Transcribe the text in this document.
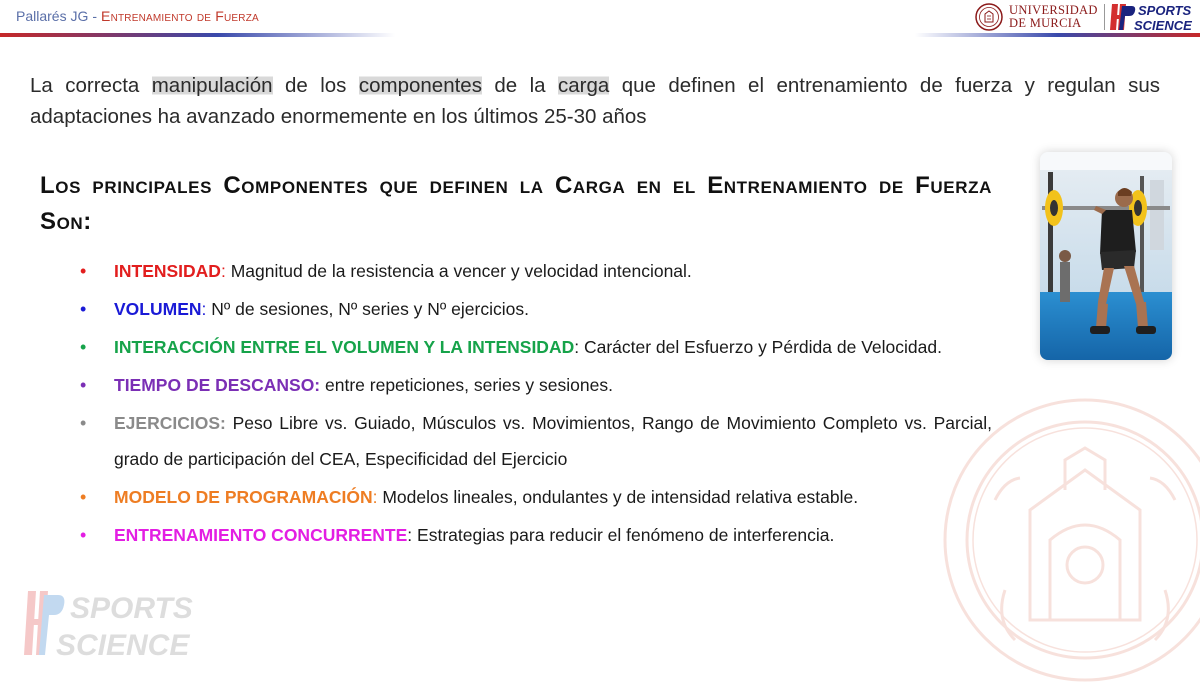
Pallarés JG - Entrenamiento de Fuerza	UNIVERSIDAD
DE MURCIA
SPORTS
SCIENCE
La correcta manipulación de los componentes de la carga que definen el entrenamiento de fuerza y regulan sus adaptaciones ha avanzado enormemente en los últimos 25-30 años
Los principales Componentes que definen la Carga en el Entrenamiento de Fuerza Son:
• INTENSIDAD: Magnitud de la resistencia a vencer y velocidad intencional.
• VOLUMEN: Nº de sesiones, Nº series y Nº ejercicios.
• INTERACCIÓN ENTRE EL VOLUMEN Y LA INTENSIDAD: Carácter del Esfuerzo y Pérdida de Velocidad.
• TIEMPO DE DESCANSO: entre repeticiones, series y sesiones.
• EJERCICIOS: Peso Libre vs. Guiado, Músculos vs. Movimientos, Rango de Movimiento Completo vs. Parcial, grado de participación del CEA, Especificidad del Ejercicio
• MODELO DE PROGRAMACIÓN: Modelos lineales, ondulantes y de intensidad relativa estable.
• ENTRENAMIENTO CONCURRENTE: Estrategias para reducir el fenómeno de interferencia.
SPORTS
SCIENCE
